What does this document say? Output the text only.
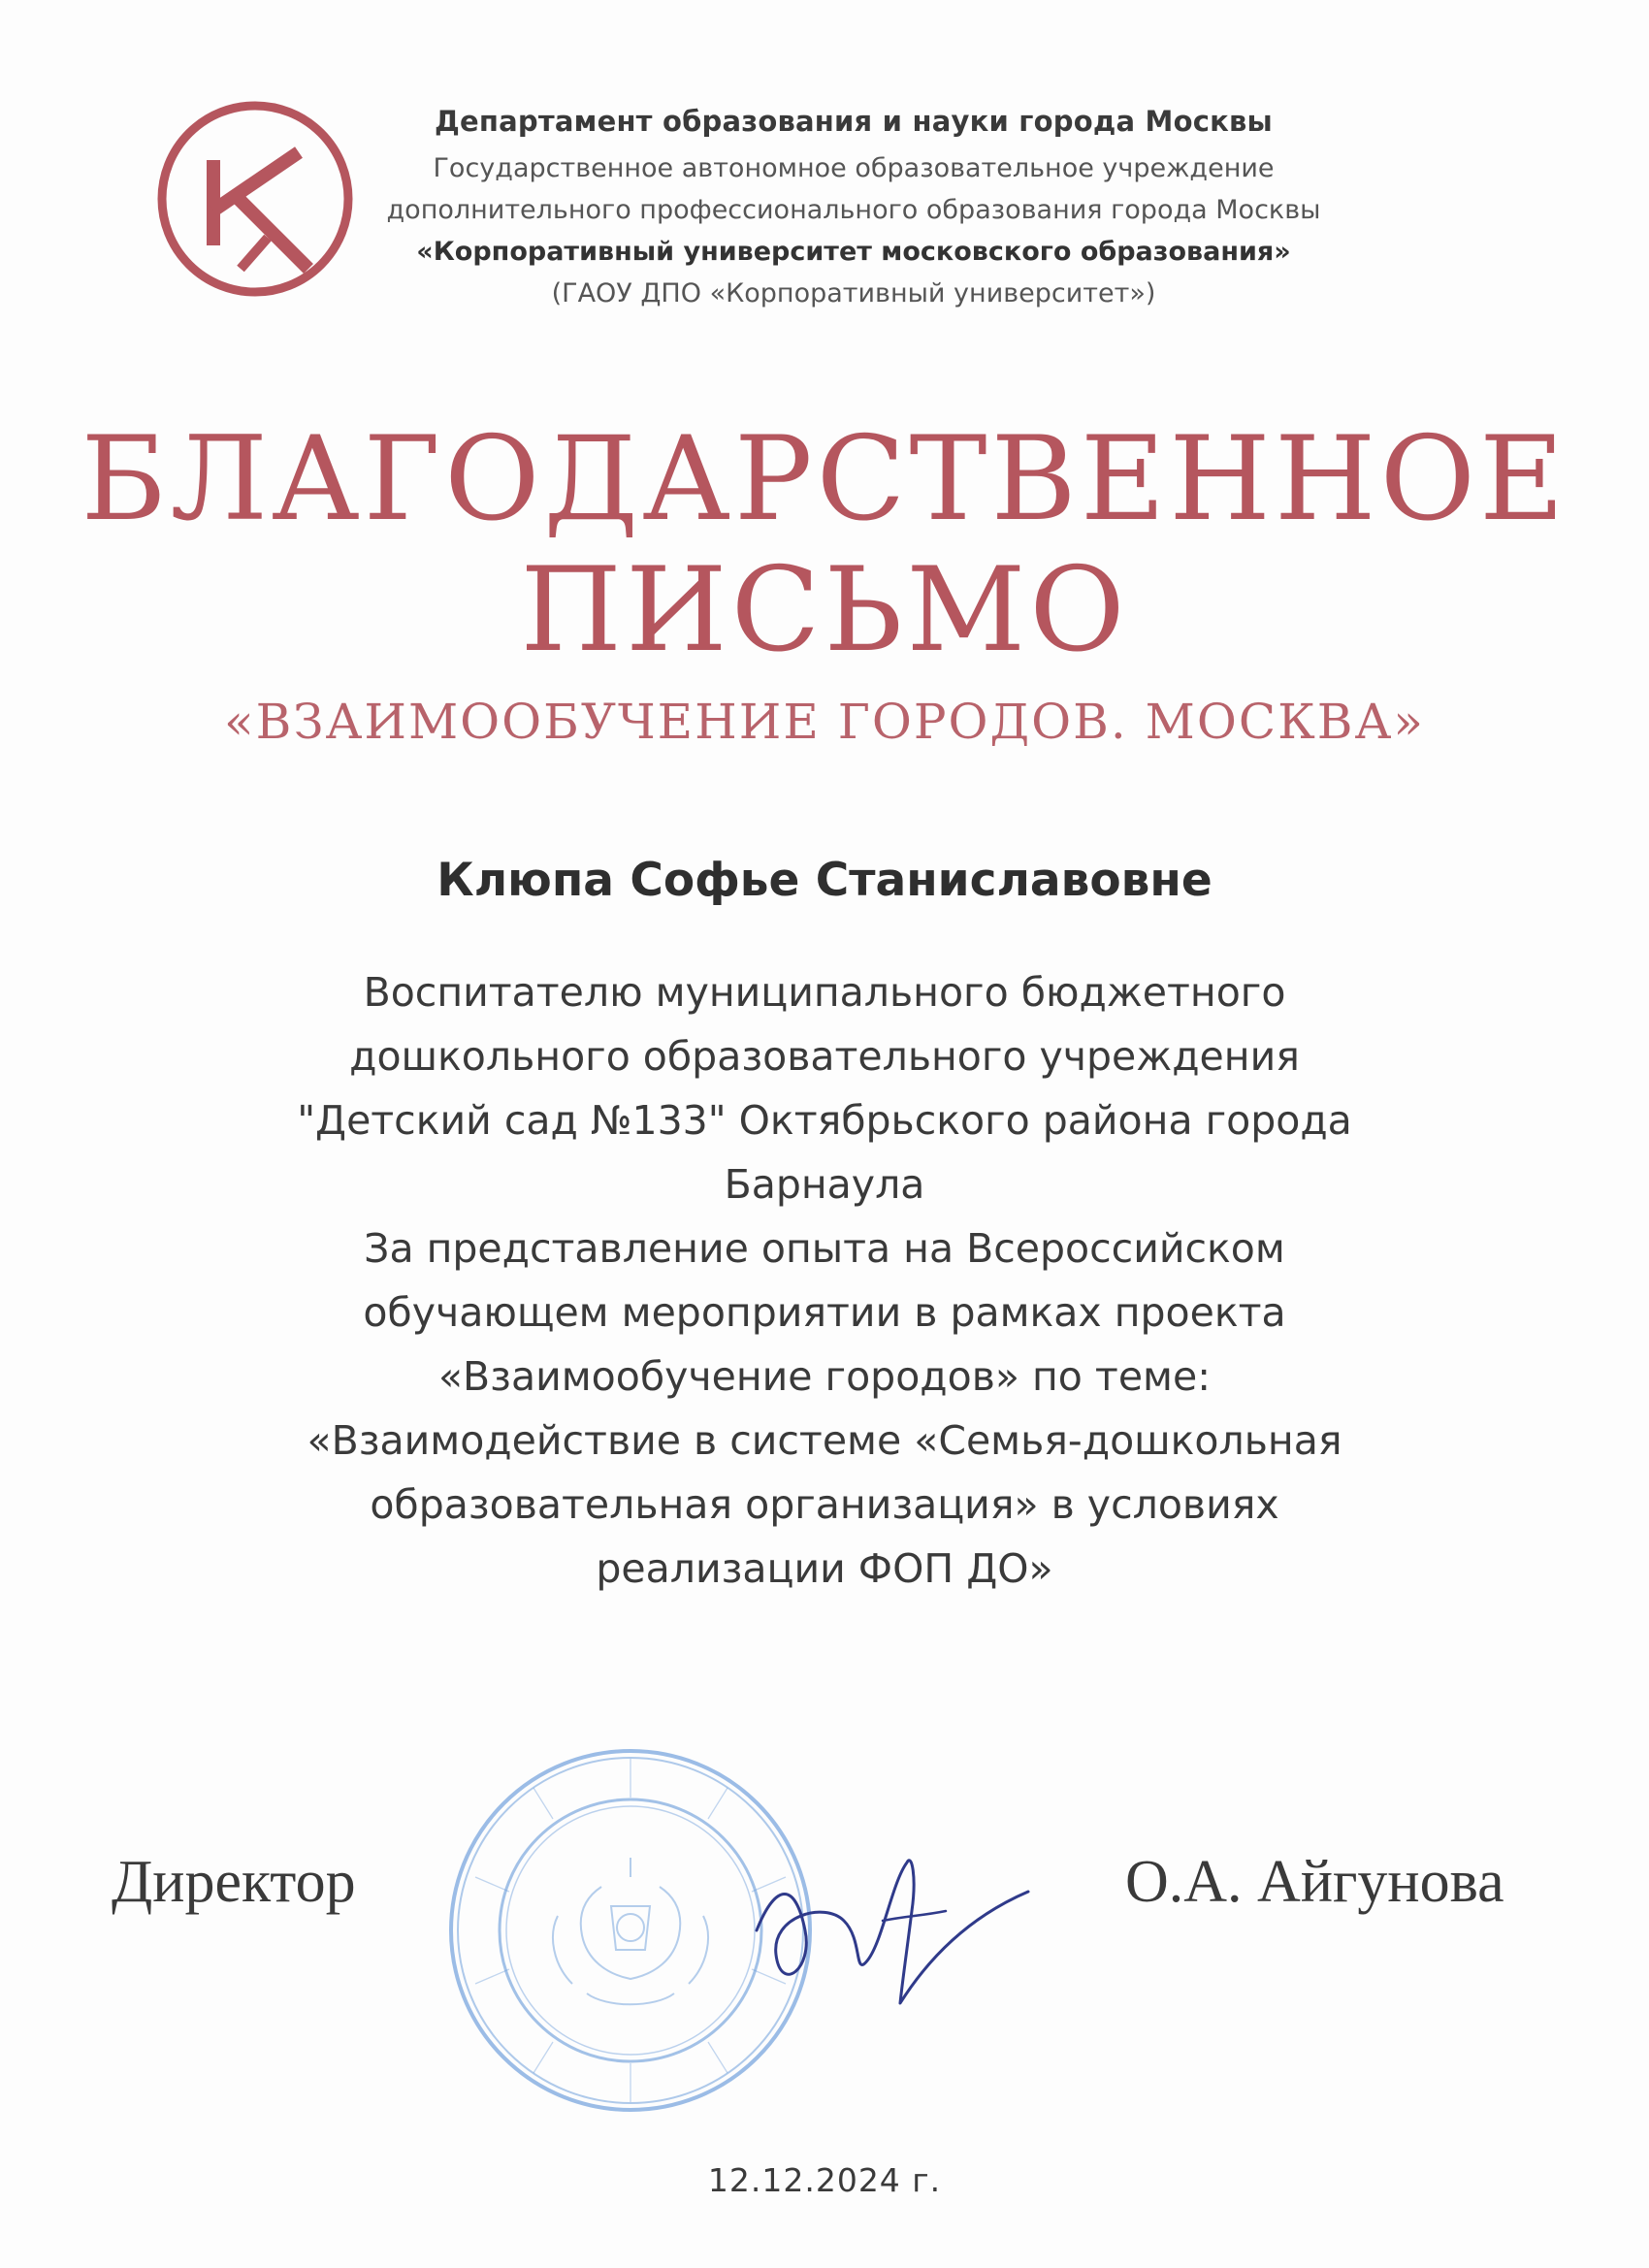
Департамент образования и науки города Москвы
Государственное автономное образовательное учреждение
дополнительного профессионального образования города Москвы
«Корпоративный университет московского образования»
(ГАОУ ДПО «Корпоративный университет»)
БЛАГОДАРСТВЕННОЕ
ПИСЬМО
«ВЗАИМООБУЧЕНИЕ ГОРОДОВ. МОСКВА»
Клюпа Софье Станиславовне
Воспитателю муниципального бюджетного
дошкольного образовательного учреждения
"Детский сад №133" Октябрьского района города
Барнаула
За представление опыта на Всероссийском
обучающем мероприятии в рамках проекта
«Взаимообучение городов» по теме:
«Взаимодействие в системе «Семья-дошкольная
образовательная организация» в условиях
реализации ФОП ДО»
Директор	О.А. Айгунова
12.12.2024 г.
